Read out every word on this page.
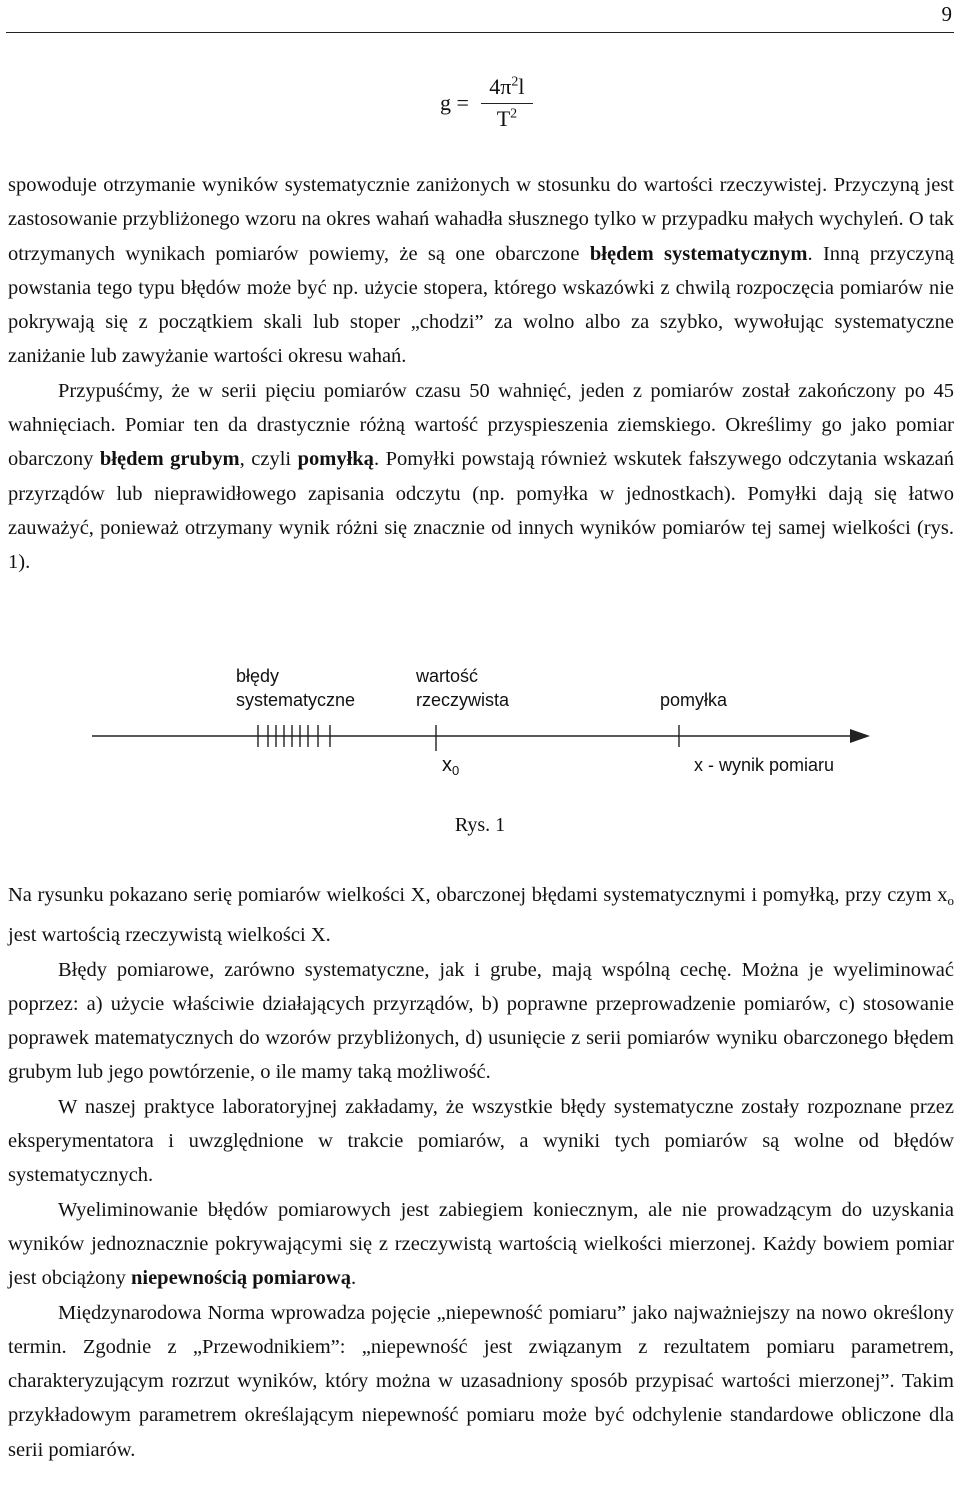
9
$g = \frac{4\pi^2l}{T^2}$

spowoduje otrzymanie wyników systematycznie zaniżonych w stosunku do wartości rzeczywistej. Przyczyną jest zastosowanie przybliżonego wzoru na okres wahań wahadła słusznego tylko w przypadku małych wychyleń. O tak otrzymanych wynikach pomiarów powiemy, że są one obarczone błędem systematycznym. Inną przyczyną powstania tego typu błędów może być np. użycie stopera, którego wskazówki z chwilą rozpoczęcia pomiarów nie pokrywają się z początkiem skali lub stoper „chodzi” za wolno albo za szybko, wywołując systematyczne zaniżanie lub zawyżanie wartości okresu wahań.

Przypuśćmy, że w serii pięciu pomiarów czasu 50 wahnięć, jeden z pomiarów został zakończony po 45 wahnięciach. Pomiar ten da drastycznie różną wartość przyspieszenia ziemskiego. Określimy go jako pomiar obarczony błędem grubym, czyli pomyłką. Pomyłki powstają również wskutek fałszywego odczytania wskazań przyrządów lub nieprawidłowego zapisania odczytu (np. pomyłka w jednostkach). Pomyłki dają się łatwo zauważyć, ponieważ otrzymany wynik różni się znacznie od innych wyników pomiarów tej samej wielkości (rys. 1).

błędy
systematyczne
wartość
rzeczywista	pomyłka
$x_0$	x - wynik pomiaru
Rys. 1

Na rysunku pokazano serię pomiarów wielkości X, obarczonej błędami systematycznymi i pomyłką, przy czym $x_o$ jest wartością rzeczywistą wielkości X.

Błędy pomiarowe, zarówno systematyczne, jak i grube, mają wspólną cechę. Można je wyeliminować poprzez: a) użycie właściwie działających przyrządów, b) poprawne przeprowadzenie pomiarów, c) stosowanie poprawek matematycznych do wzorów przybliżonych, d) usunięcie z serii pomiarów wyniku obarczonego błędem grubym lub jego powtórzenie, o ile mamy taką możliwość.

W naszej praktyce laboratoryjnej zakładamy, że wszystkie błędy systematyczne zostały rozpoznane przez eksperymentatora i uwzględnione w trakcie pomiarów, a wyniki tych pomiarów są wolne od błędów systematycznych.

Wyeliminowanie błędów pomiarowych jest zabiegiem koniecznym, ale nie prowadzącym do uzyskania wyników jednoznacznie pokrywającymi się z rzeczywistą wartością wielkości mierzonej. Każdy bowiem pomiar jest obciążony niepewnością pomiarową.

Międzynarodowa Norma wprowadza pojęcie „niepewność pomiaru” jako najważniejszy na nowo określony termin. Zgodnie z „Przewodnikiem”: „niepewność jest związanym z rezultatem pomiaru parametrem, charakteryzującym rozrzut wyników, który można w uzasadniony sposób przypisać wartości mierzonej”. Takim przykładowym parametrem określającym niepewność pomiaru może być odchylenie standardowe obliczone dla serii pomiarów.
